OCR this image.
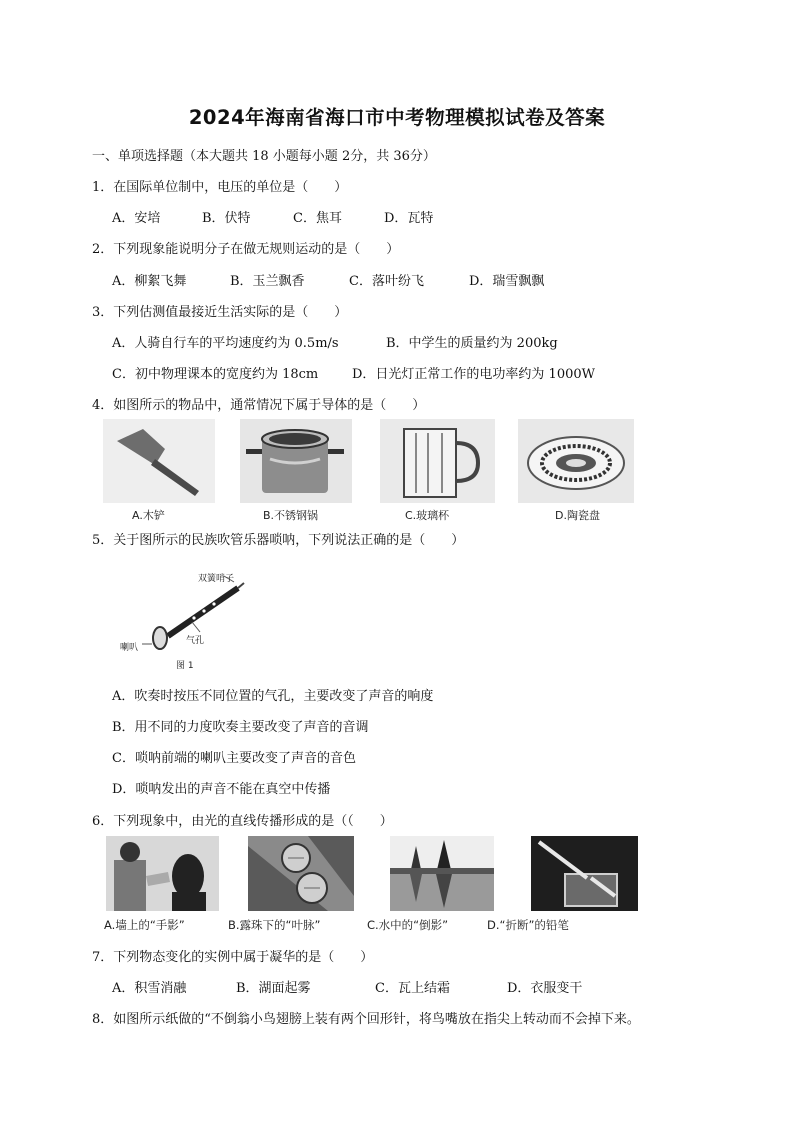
2024年海南省海口市中考物理模拟试卷及答案
一、单项选择题（本大题共 18 小题每小题 2分，共 36分）
1．在国际单位制中，电压的单位是（　　）
A．安培	B．伏特	C．焦耳	D．瓦特
2．下列现象能说明分子在做无规则运动的是（　　）
A．柳絮飞舞	B．玉兰飘香	C．落叶纷飞	D．瑞雪飘飘
3．下列估测值最接近生活实际的是（　　）
A．人骑自行车的平均速度约为 0.5m/s	B．中学生的质量约为 200kg
C．初中物理课本的宽度约为 18cm	D．日光灯正常工作的电功率约为 1000W
4．如图所示的物品中，通常情况下属于导体的是（　　）
A.木铲	B.不锈钢锅	C.玻璃杯	D.陶瓷盘
5．关于图所示的民族吹管乐器唢呐，下列说法正确的是（　　）
双簧哨子
气孔
喇叭
图 1
A．吹奏时按压不同位置的气孔，主要改变了声音的响度
B．用不同的力度吹奏主要改变了声音的音调
C．唢呐前端的喇叭主要改变了声音的音色
D．唢呐发出的声音不能在真空中传播
6．下列现象中，由光的直线传播形成的是（（　　）
A.墙上的“手影”	B.露珠下的“叶脉”	C.水中的“倒影”	D.“折断”的铅笔
7．下列物态变化的实例中属于凝华的是（　　）
A．积雪消融	B．湖面起雾	C．瓦上结霜	D．衣服变干
8．如图所示纸做的“不倒翁小鸟翅膀上装有两个回形针，将鸟嘴放在指尖上转动而不会掉下来。
